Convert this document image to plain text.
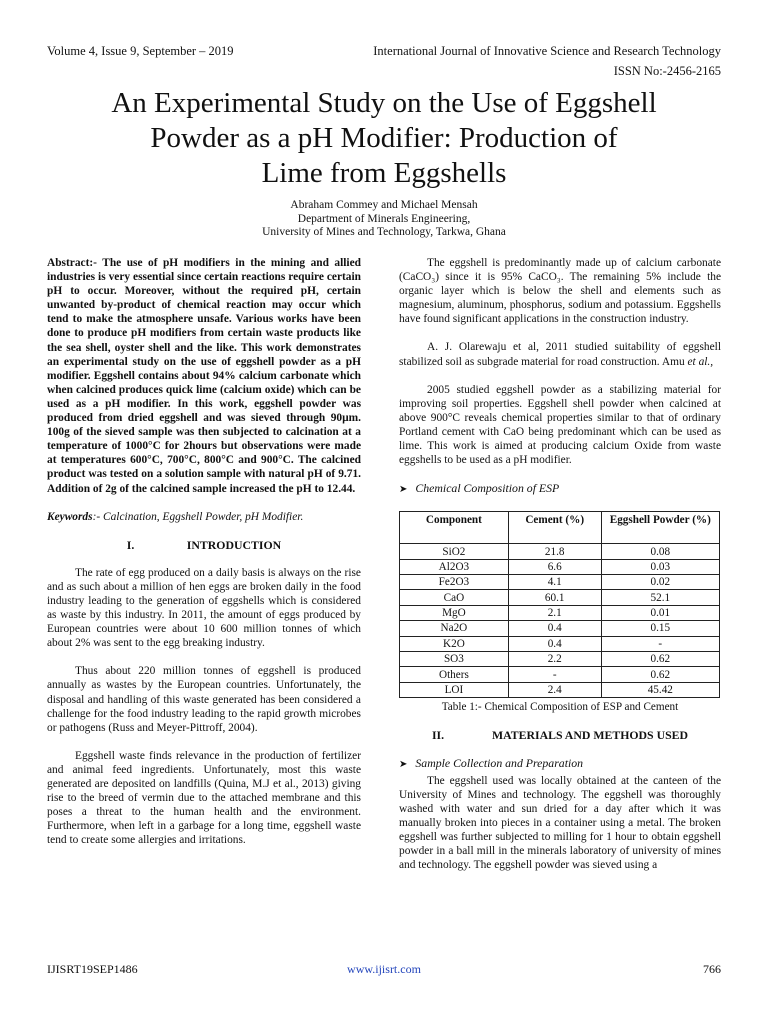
Volume 4, Issue 9, September – 2019	International Journal of Innovative Science and Research Technology
ISSN No:-2456-2165
An Experimental Study on the Use of Eggshell
Powder as a pH Modifier: Production of
Lime from Eggshells
Abraham Commey and Michael Mensah
Department of Minerals Engineering,
University of Mines and Technology, Tarkwa, Ghana

Abstract:- The use of pH modifiers in the mining and allied industries is very essential since certain reactions require certain pH to occur. Moreover, without the required pH, certain unwanted by-product of chemical reaction may occur which tend to make the atmosphere unsafe. Various works have been done to produce pH modifiers from certain waste products like the sea shell, oyster shell and the like. This work demonstrates an experimental study on the use of eggshell powder as a pH modifier. Eggshell contains about 94% calcium carbonate which when calcined produces quick lime (calcium oxide) which can be used as a pH modifier. In this work, eggshell powder was produced from dried eggshell and was sieved through 90µm. 100g of the sieved sample was then subjected to calcination at a temperature of 1000°C for 2hours but observations were made at temperatures 600°C, 700°C, 800°C and 900°C. The calcined product was tested on a solution sample with natural pH of 9.71. Addition of 2g of the calcined sample increased the pH to 12.44.

Keywords:- Calcination, Eggshell Powder, pH Modifier.

I.	INTRODUCTION

The rate of egg produced on a daily basis is always on the rise and as such about a million of hen eggs are broken daily in the food industry leading to the generation of eggshells which is considered as waste by this industry. In 2011, the amount of eggs produced by European countries were about 10 600 million tonnes of which about 2% was sent to the egg breaking industry.

Thus about 220 million tonnes of eggshell is produced annually as wastes by the European countries. Unfortunately, the disposal and handling of this waste generated has been considered a challenge for the food industry leading to the rapid growth microbes or pathogens (Russ and Meyer-Pittroff, 2004).

Eggshell waste finds relevance in the production of fertilizer and animal feed ingredients. Unfortunately, most this waste generated are deposited on landfills (Quina, M.J et al., 2013) giving rise to the breed of vermin due to the attached membrane and this poses a threat to the human health and the environment. Furthermore, when left in a garbage for a long time, eggshell waste tend to create some allergies and irritations.

The eggshell is predominantly made up of calcium carbonate (CaCO₃) since it is 95% CaCO₃. The remaining 5% include the organic layer which is below the shell and elements such as magnesium, aluminum, phosphorus, sodium and potassium. Eggshells have found significant applications in the construction industry.

A. J. Olarewaju et al, 2011 studied suitability of eggshell stabilized soil as subgrade material for road construction. Amu et al.,

2005 studied eggshell powder as a stabilizing material for improving soil properties. Eggshell shell powder when calcined at above 900°C reveals chemical properties similar to that of ordinary Portland cement with CaO being predominant which can be used as lime. This work is aimed at producing calcium Oxide from waste eggshells to be used as a pH modifier.

➤ Chemical Composition of ESP
Component	Cement (%)	Eggshell Powder (%)
SiO2	21.8	0.08
Al2O3	6.6	0.03
Fe2O3	4.1	0.02
CaO	60.1	52.1
MgO	2.1	0.01
Na2O	0.4	0.15
K2O	0.4	-
SO3	2.2	0.62
Others	-	0.62
LOI	2.4	45.42
Table 1:- Chemical Composition of ESP and Cement
II.	MATERIALS AND METHODS USED
➤ Sample Collection and Preparation

The eggshell used was locally obtained at the canteen of the University of Mines and technology. The eggshell was thoroughly washed with water and sun dried for a day after which it was manually broken into pieces in a container using a metal. The broken eggshell was further subjected to milling for 1 hour to obtain eggshell powder in a ball mill in the minerals laboratory of university of mines and technology. The eggshell powder was sieved using a

IJISRT19SEP1486	www.ijisrt.com	766
